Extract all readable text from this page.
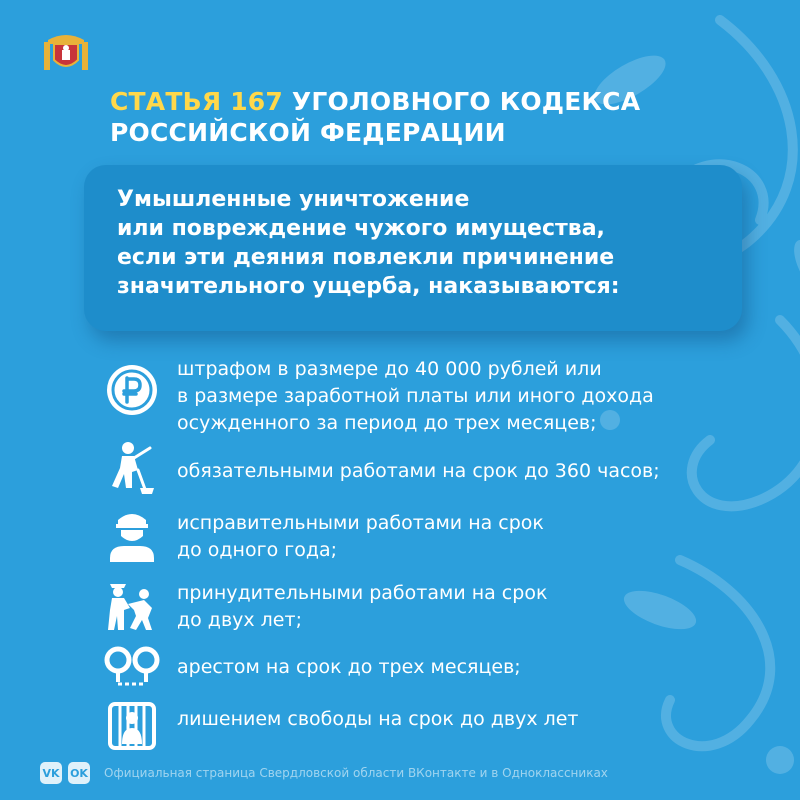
СТАТЬЯ 167 УГОЛОВНОГО КОДЕКСА
РОССИЙСКОЙ ФЕДЕРАЦИИ

Умышленные уничтожение
или повреждение чужого имущества,
если эти деяния повлекли причинение
значительного ущерба, наказываются:

штрафом в размере до 40 000 рублей или
в размере заработной платы или иного дохода
осужденного за период до трех месяцев;
обязательными работами на срок до 360 часов;
исправительными работами на срок
до одного года;
принудительными работами на срок
до двух лет;
арестом на срок до трех месяцев;
лишением свободы на срок до двух лет
VK OK Официальная страница Свердловской области ВКонтакте и в Одноклассниках
